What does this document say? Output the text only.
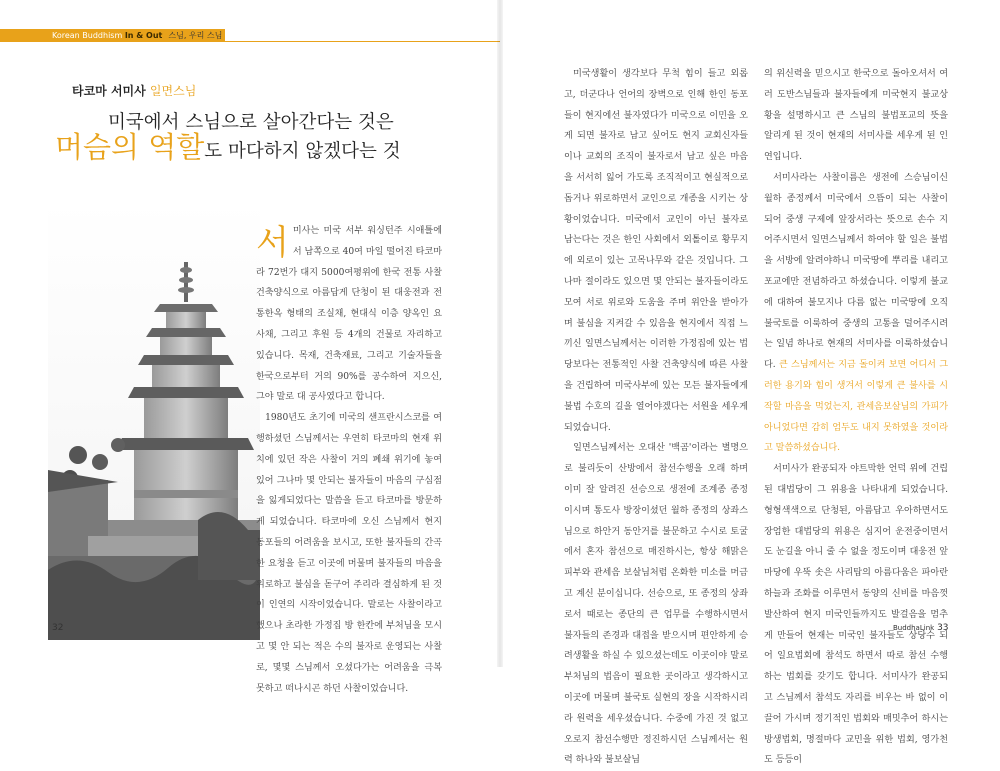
Korean Buddhism In & Out 스님, 우리 스님
타코마 서미사 일면스님
미국에서 스님으로 살아간다는 것은
머슴의 역할도 마다하지 않겠다는 것

서미사는 미국 서부 워싱턴주 시애틀에서 남쪽으로 40여 마일 떨어진 타코마라 72번가 대지 5000여평위에 한국 전통 사찰 건축양식으로 아름답게 단청이 된 대웅전과 전통한옥 형태의 조실채, 현대식 이층 양옥인 요사채, 그리고 후원 등 4개의 건물로 자리하고 있습니다. 목재, 건축재료, 그리고 기술자들을 한국으로부터 거의 90%를 공수하여 지으신, 그야 말로 대 공사였다고 합니다.

1980년도 초기에 미국의 샌프란시스코를 여행하셨던 스님께서는 우연히 타코마의 현재 위치에 있던 작은 사찰이 거의 폐쇄 위기에 놓여 있어 그나마 몇 안되는 불자들이 마음의 구심점을 잃게되었다는 말씀을 듣고 타코마를 방문하게 되었습니다. 타코마에 오신 스님께서 현지 동포들의 어려움을 보시고, 또한 불자들의 간곡한 요청을 듣고 이곳에 머물며 불자들의 마음을 위로하고 불심을 돋구어 주리라 결심하게 된 것이 인연의 시작이었습니다. 말로는 사찰이라고 했으나 초라한 가정집 방 한칸에 부처님을 모시고 몇 안 되는 적은 수의 불자로 운영되는 사찰로, 몇몇 스님께서 오셨다가는 어려움을 극복 못하고 떠나시곤 하던 사찰이었습니다.

32

미국생활이 생각보다 무척 힘이 들고 외롭고, 더군다나 언어의 장벽으로 인해 한인 동포들이 현지에선 불자였다가 미국으로 이민을 오게 되면 불자로 남고 싶어도 현지 교회신자들이나 교회의 조직이 불자로서 남고 싶은 마음을 서서히 잃어 가도록 조직적이고 현실적으로 돕거나 위로하면서 교인으로 개종을 시키는 상황이었습니다. 미국에서 교인이 아닌 불자로 남는다는 것은 한인 사회에서 외톨이로 황무지에 외로이 있는 고목나무와 같은 것입니다. 그나마 절이라도 있으면 몇 안되는 불자들이라도 모여 서로 위로와 도움을 주며 위안을 받아가며 불심을 지켜갈 수 있음을 현지에서 직접 느끼신 일면스님께서는 이러한 가정집에 있는 법당보다는 전통적인 사찰 건축양식에 따른 사찰을 건립하여 미국사부에 있는 모든 불자들에게 불법 수호의 길을 열어야겠다는 서원을 세우게 되었습니다.

일면스님께서는 오대산 '백곰'이라는 별명으로 불리듯이 산방에서 참선수행을 오래 하며 이미 잘 알려진 선승으로 생전에 조계종 종정이시며 통도사 방장이셨던 월하 종정의 상좌스님으로 하안거 동안거를 불문하고 수시로 토굴에서 혼자 참선으로 매진하시는, 항상 해맑은 피부와 관세음 보살님처럼 온화한 미소를 머금고 계신 분이십니다. 선승으로, 또 종정의 상좌로서 때로는 종단의 큰 업무를 수행하시면서 불자들의 존경과 대접을 받으시며 편안하게 승려생활을 하실 수 있으셨는데도 이곳이야 말로 부처님의 법음이 필요한 곳이라고 생각하시고 이곳에 머물며 불국토 실현의 장을 시작하시리라 원력을 세우셨습니다. 수중에 가진 것 없고 오로지 참선수행만 정진하시던 스님께서는 원력 하나와 불보살님

의 위신력을 믿으시고 한국으로 돌아오셔서 여러 도반스님들과 불자들에게 미국현지 불교상황을 설명하시고 큰 스님의 불법포교의 뜻을 알리게 된 것이 현재의 서미사를 세우게 된 인연입니다.

서미사라는 사찰이름은 생전에 스승님이신 월하 종정께서 미국에서 으뜸이 되는 사찰이 되어 중생 구제에 앞장서라는 뜻으로 손수 지어주시면서 일면스님께서 하여야 할 일은 불법을 서방에 알려야하니 미국땅에 뿌리를 내리고 포교에만 전념하라고 하셨습니다. 이렇게 불교에 대하여 불모지나 다름 없는 미국땅에 오직 불국토를 이룩하여 중생의 고통을 덜어주시려는 일념 하나로 현재의 서미사를 이룩하셨습니다. 큰 스님께서는 지금 돌이켜 보면 어디서 그러한 용기와 힘이 생겨서 이렇게 큰 불사를 시작할 마음을 먹었는지, 관세음보살님의 가피가 아니었다면 감히 엄두도 내지 못하였을 것이라고 말씀하셨습니다.

서미사가 완공되자 야트막한 언덕 위에 건립된 대법당이 그 위용을 나타내게 되었습니다. 형형색색으로 단청된, 아름답고 우아하면서도 장엄한 대법당의 위용은 심지어 운전중이면서도 눈길을 아니 줄 수 없을 정도이며 대웅전 앞마당에 우뚝 솟은 사리탑의 아름다움은 파아란 하늘과 조화를 이루면서 동양의 신비를 마음껏 발산하여 현지 미국인들까지도 발걸음을 멈추게 만들어 현재는 미국인 불자들도 상당수 되어 일요법회에 참석도 하면서 따로 참선 수행하는 법회를 갖기도 합니다. 서미사가 완공되고 스님께서 참석도 자리를 비우는 바 없이 이끌어 가시며 정기적인 법회와 매밋추어 하시는 방생법회, 명절마다 교민을 위한 법회, 영가천도 등등이

BuddhaLink 33
